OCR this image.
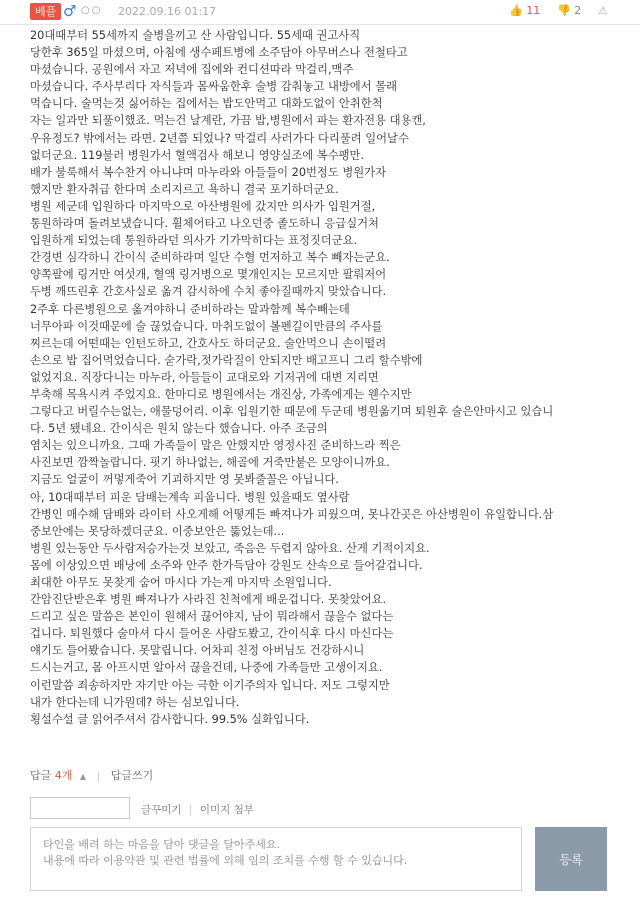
베플 ♂ ○○ 2022.09.16 01:17	👍 11 👎 2 ⚠
20대때부터 55세까지 술병을끼고 산 사람입니다. 55세때 권고사직
당한후 365일 마셨으며, 아침에 생수페트병에 소주담아 아무버스나 전철타고
마셨습니다. 공원에서 자고 저녁에 집에와 컨디션따라 막걸리,맥주
마셨습니다. 주사부리다 자식들과 몸싸움한후 술병 감춰놓고 내방에서 몰래
먹습니다. 술먹는것 싫어하는 집에서는 밥도안먹고 대화도없이 안취한척
자는 일과만 되풀이했죠. 먹는건 날계란, 가끔 밥,병원에서 파는 환자전용 대용캔,
우유정도? 밖에서는 라면. 2년쯤 되었나? 막걸리 사러가다 다리풀려 일어날수
없더군요. 119불러 병원가서 혈액검사 해보니 영양실조에 복수팽만.
배가 불룩해서 복수찬거 아니냐며 마누라와 아들들이 20번정도 병원가자
했지만 환자취급 한다며 소리지르고 욕하니 결국 포기하더군요.
병원 세군데 입원하다 마지막으로 아산병원에 갔지만 의사가 입원거절,
통원하라며 돌려보냈습니다. 휠체어타고 나오던중 졸도하니 응급실거쳐
입원하게 되었는데 통원하라던 의사가 기가막히다는 표정짓더군요.
간경변 심각하니 간이식 준비하라며 일단 수혈 먼저하고 복수 빼자는군요.
양쪽팔에 링거만 여섯개, 혈액 링거병으로 몇개인지는 모르지만 팔뤄저어
두병 깨뜨린후 간호사실로 옮겨 감시하에 수치 좋아질때까지 맞았습니다.
2주후 다른병원으로 옮겨야하니 준비하라는 말과함께 복수빼는데
너무아파 이것때문에 술 끊었습니다. 마취도없이 볼펜길이만큼의 주사를
찌르는데 어떤때는 인턴도하고, 간호사도 하더군요. 술안먹으니 손이떨려
손으로 밥 집어먹었습니다. 숟가락,젓가락질이 안되지만 배고프니 그리 할수밖에
없었지요. 직장다니는 마누라, 아들들이 교대로와 기저귀에 대변 지리면
부축해 목욕시켜 주었지요. 한마디로 병원에서는 개진상, 가족에게는 웬수지만
그렇다고 버릴수는없는, 애물덩어리. 이후 입원기한 때문에 두군데 병원옮기며 퇴원후 술은안마시고 있습니
다. 5년 됐네요. 간이식은 원치 않는다 했습니다. 아주 조금의
염치는 있으니까요. 그때 가족들이 말은 안했지만 영정사진 준비하느라 찍은
사진보면 깜짝놀랍니다. 핏기 하나없는, 해골에 거죽만붙은 모양이니까요.
지금도 얼굴이 꺼멓게죽어 기괴하지만 영 못봐줄꼴은 아닙니다.
아, 10대때부터 피운 담배는계속 피웁니다. 병원 있을때도 옆사람
간병인 매수해 담배와 라이터 사오게해 어떻게든 빠져나가 피웠으며, 못나간곳은 아산병원이 유일합니다.삼
중보안에는 못당하겠더군요. 이중보안은 뚫었는데...
병원 있는동안 두사람저승가는것 보았고, 죽음은 두렵지 않아요. 산게 기적이지요.
몸에 이상있으면 배낭에 소주와 안주 한가득담아 강원도 산속으로 들어갈겁니다.
최대한 아무도 못찾게 숨어 마시다 가는게 마지막 소원입니다.
간암진단받은후 병원 빠져나가 사라진 친척에게 배운겁니다. 못찾았어요.
드리고 싶은 말씀은 본인이 원해서 끊어야지, 남이 뭐라해서 끊을수 없다는
겁니다. 퇴원했다 술마셔 다시 들어온 사람도봤고, 간이식후 다시 마신다는
얘기도 들어봤습니다. 못말립니다. 어차피 친정 아버님도 건강하시니
드시는거고, 몸 아프시면 알아서 끊을건데, 나중에 가족들만 고생이지요.
이런말씀 죄송하지만 자기만 아는 극한 이기주의자 입니다. 저도 그렇지만
내가 한다는데 니가뭔데? 하는 심보입니다.
횡설수설 글 읽어주셔서 감사합니다. 99.5% 실화입니다.
답글 4개 ▲ | 답글쓰기
글꾸미기 | 이미지 첨부
타인을 배려 하는 마음을 담아 댓글을 달아주세요.
내용에 따라 이용약관 및 관련 법률에 의해 임의 조치를 수행 할 수 있습니다.	등록
